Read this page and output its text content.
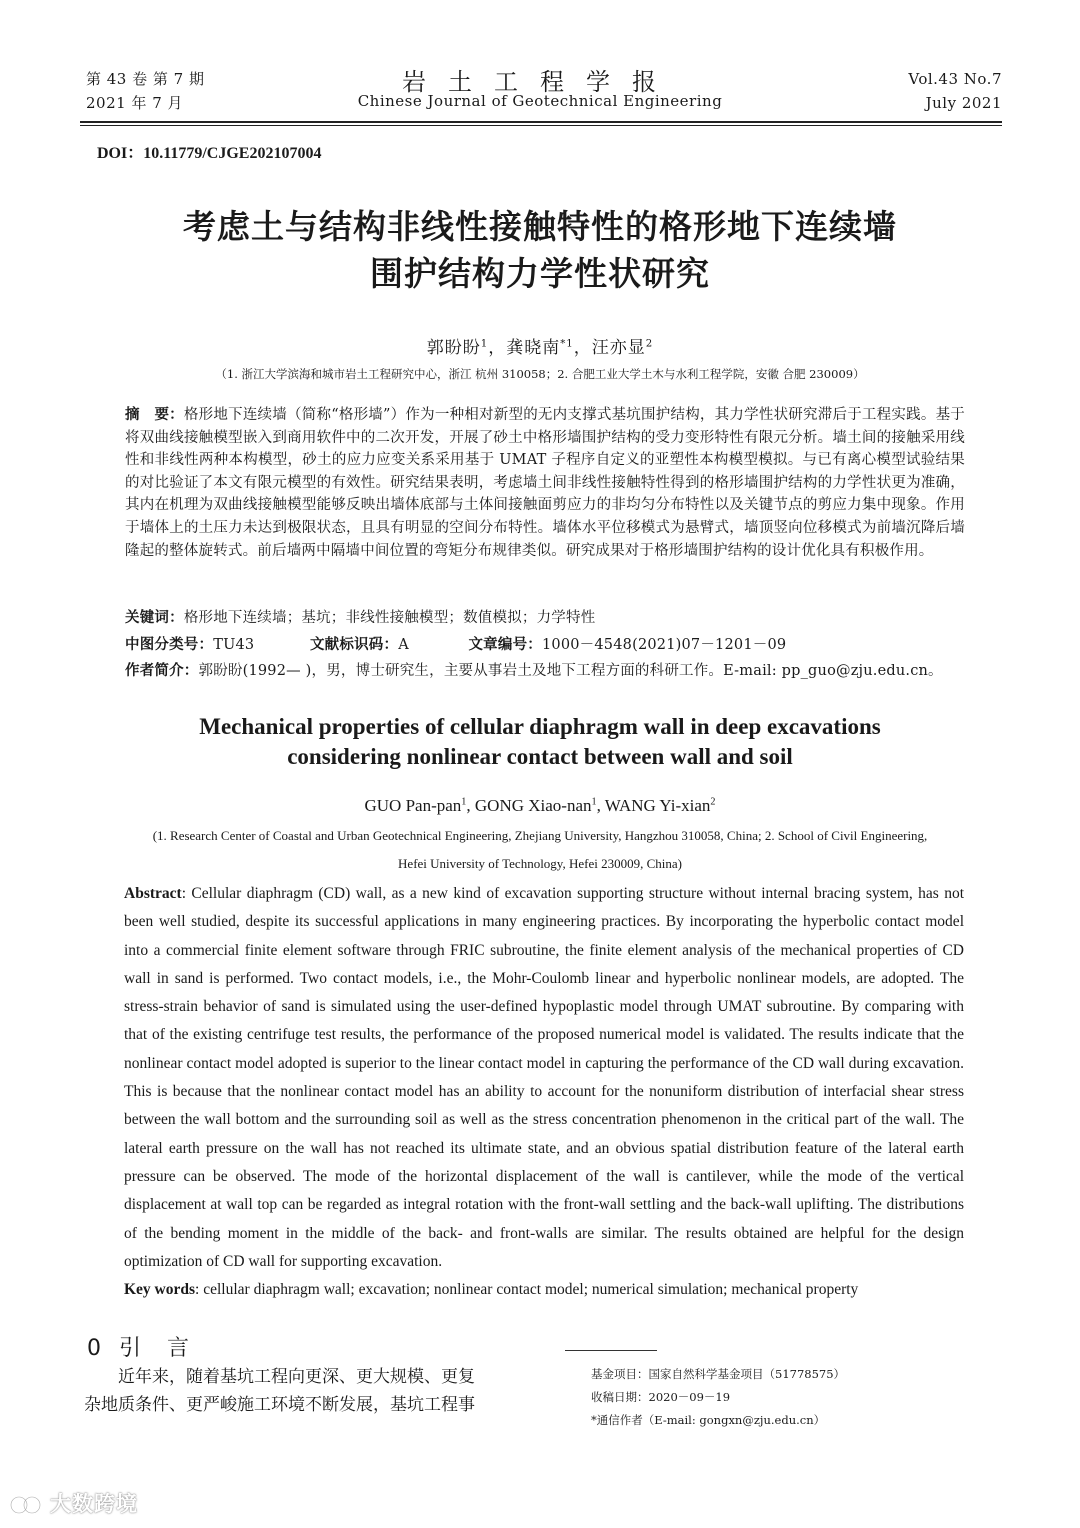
第 43 卷 第 7 期
2021 年 7 月
岩土工程学报
Chinese Journal of Geotechnical Engineering
Vol.43 No.7
July 2021
DOI：10.11779/CJGE202107004
考虑土与结构非线性接触特性的格形地下连续墙
围护结构力学性状研究
郭盼盼$^1$，龚晓南$^{*1}$，汪亦显$^2$
（1. 浙江大学滨海和城市岩土工程研究中心，浙江 杭州 310058；2. 合肥工业大学土木与水利工程学院，安徽 合肥 230009）
摘　要：格形地下连续墙（简称“格形墙”）作为一种相对新型的无内支撑式基坑围护结构，其力学性状研究滞后于工程实践。基于将双曲线接触模型嵌入到商用软件中的二次开发，开展了砂土中格形墙围护结构的受力变形特性有限元分析。墙土间的接触采用线性和非线性两种本构模型，砂土的应力应变关系采用基于 UMAT 子程序自定义的亚塑性本构模型模拟。与已有离心模型试验结果的对比验证了本文有限元模型的有效性。研究结果表明，考虑墙土间非线性接触特性得到的格形墙围护结构的力学性状更为准确，其内在机理为双曲线接触模型能够反映出墙体底部与土体间接触面剪应力的非均匀分布特性以及关键节点的剪应力集中现象。作用于墙体上的土压力未达到极限状态，且具有明显的空间分布特性。墙体水平位移模式为悬臂式，墙顶竖向位移模式为前墙沉降后墙隆起的整体旋转式。前后墙两中隔墙中间位置的弯矩分布规律类似。研究成果对于格形墙围护结构的设计优化具有积极作用。
关键词：格形地下连续墙；基坑；非线性接触模型；数值模拟；力学特性
中图分类号：TU43	文献标识码：A	文章编号：1000－4548(2021)07－1201－09
作者简介：郭盼盼(1992— )，男，博士研究生，主要从事岩土及地下工程方面的科研工作。E-mail: pp_guo@zju.edu.cn。
Mechanical properties of cellular diaphragm wall in deep excavations
considering nonlinear contact between wall and soil
GUO Pan-pan$^1$, GONG Xiao-nan$^1$, WANG Yi-xian$^2$
(1. Research Center of Coastal and Urban Geotechnical Engineering, Zhejiang University, Hangzhou 310058, China; 2. School of Civil Engineering, Hefei University of Technology, Hefei 230009, China)
Abstract: Cellular diaphragm (CD) wall, as a new kind of excavation supporting structure without internal bracing system, has not been well studied, despite its successful applications in many engineering practices. By incorporating the hyperbolic contact model into a commercial finite element software through FRIC subroutine, the finite element analysis of the mechanical properties of CD wall in sand is performed. Two contact models, i.e., the Mohr-Coulomb linear and hyperbolic nonlinear models, are adopted. The stress-strain behavior of sand is simulated using the user-defined hypoplastic model through UMAT subroutine. By comparing with that of the existing centrifuge test results, the performance of the proposed numerical model is validated. The results indicate that the nonlinear contact model adopted is superior to the linear contact model in capturing the performance of the CD wall during excavation. This is because that the nonlinear contact model has an ability to account for the nonuniform distribution of interfacial shear stress between the wall bottom and the surrounding soil as well as the stress concentration phenomenon in the critical part of the wall. The lateral earth pressure on the wall has not reached its ultimate state, and an obvious spatial distribution feature of the lateral earth pressure can be observed. The mode of the horizontal displacement of the wall is cantilever, while the mode of the vertical displacement at wall top can be regarded as integral rotation with the front-wall settling and the back-wall uplifting. The distributions of the bending moment in the middle of the back- and front-walls are similar. The results obtained are helpful for the design optimization of CD wall for supporting excavation.
Key words: cellular diaphragm wall; excavation; nonlinear contact model; numerical simulation; mechanical property
0 引言

近年来，随着基坑工程向更深、更大规模、更复

杂地质条件、更严峻施工环境不断发展，基坑工程事

基金项目：国家自然科学基金项目（51778575）
收稿日期：2020－09－19
*通信作者（E-mail: gongxn@zju.edu.cn）
大数跨境
